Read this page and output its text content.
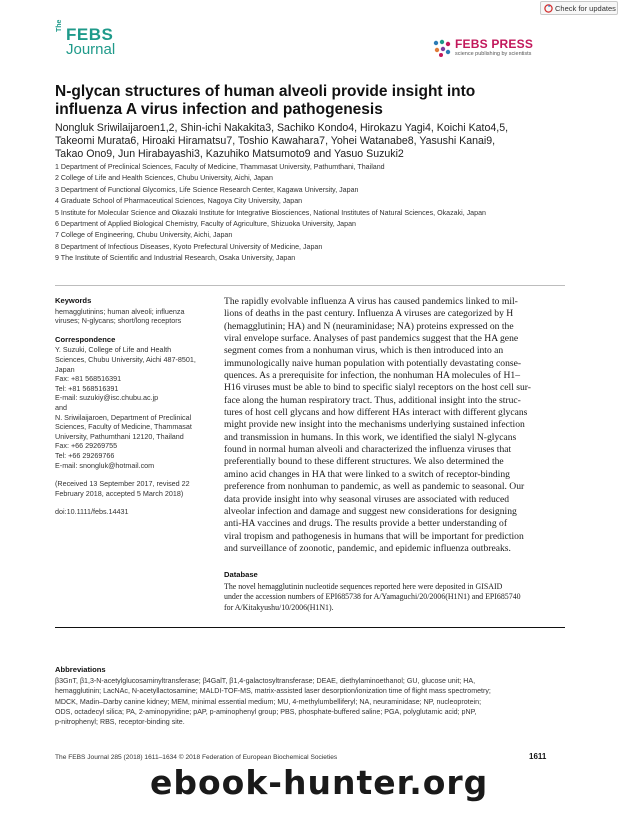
Check for updates
The FEBS
Journal	FEBS PRESS
science publishing by scientists
N-glycan structures of human alveoli provide insight into
influenza A virus infection and pathogenesis
Nongluk Sriwilaijaroen1,2, Shin-ichi Nakakita3, Sachiko Kondo4, Hirokazu Yagi4, Koichi Kato4,5,
Takeomi Murata6, Hiroaki Hiramatsu7, Toshio Kawahara7, Yohei Watanabe8, Yasushi Kanai9,
Takao Ono9, Jun Hirabayashi3, Kazuhiko Matsumoto9 and Yasuo Suzuki2
1 Department of Preclinical Sciences, Faculty of Medicine, Thammasat University, Pathumthani, Thailand
2 College of Life and Health Sciences, Chubu University, Aichi, Japan
3 Department of Functional Glycomics, Life Science Research Center, Kagawa University, Japan
4 Graduate School of Pharmaceutical Sciences, Nagoya City University, Japan
5 Institute for Molecular Science and Okazaki Institute for Integrative Biosciences, National Institutes of Natural Sciences, Okazaki, Japan
6 Department of Applied Biological Chemistry, Faculty of Agriculture, Shizuoka University, Japan
7 College of Engineering, Chubu University, Aichi, Japan
8 Department of Infectious Diseases, Kyoto Prefectural University of Medicine, Japan
9 The Institute of Scientific and Industrial Research, Osaka University, Japan
Keywords
hemagglutinins; human alveoli; influenza
viruses; N-glycans; short/long receptors
Correspondence
Y. Suzuki, College of Life and Health
Sciences, Chubu University, Aichi 487-8501,
Japan
Fax: +81 568516391
Tel: +81 568516391
E-mail: suzukiy@isc.chubu.ac.jp
and
N. Sriwilaijaroen, Department of Preclinical
Sciences, Faculty of Medicine, Thammasat
University, Pathumthani 12120, Thailand
Fax: +66 29269755
Tel: +66 29269766
E-mail: snongluk@hotmail.com
(Received 13 September 2017, revised 22
February 2018, accepted 5 March 2018)
doi:10.1111/febs.14431
The rapidly evolvable influenza A virus has caused pandemics linked to mil-
lions of deaths in the past century. Influenza A viruses are categorized by H
(hemagglutinin; HA) and N (neuraminidase; NA) proteins expressed on the
viral envelope surface. Analyses of past pandemics suggest that the HA gene
segment comes from a nonhuman virus, which is then introduced into an
immunologically naive human population with potentially devastating conse-
quences. As a prerequisite for infection, the nonhuman HA molecules of H1–
H16 viruses must be able to bind to specific sialyl receptors on the host cell sur-
face along the human respiratory tract. Thus, additional insight into the struc-
tures of host cell glycans and how different HAs interact with different glycans
might provide new insight into the mechanisms underlying sustained infection
and transmission in humans. In this work, we identified the sialyl N-glycans
found in normal human alveoli and characterized the influenza viruses that
preferentially bound to these different structures. We also determined the
amino acid changes in HA that were linked to a switch of receptor-binding
preference from nonhuman to pandemic, as well as pandemic to seasonal. Our
data provide insight into why seasonal viruses are associated with reduced
alveolar infection and damage and suggest new considerations for designing
anti-HA vaccines and drugs. The results provide a better understanding of
viral tropism and pathogenesis in humans that will be important for prediction
and surveillance of zoonotic, pandemic, and epidemic influenza outbreaks.
Database
The novel hemagglutinin nucleotide sequences reported here were deposited in GISAID
under the accession numbers of EPI685738 for A/Yamaguchi/20/2006(H1N1) and EPI685740
for A/Kitakyushu/10/2006(H1N1).
Abbreviations
β3GnT, β1,3-N-acetylglucosaminyltransferase; β4GalT, β1,4-galactosyltransferase; DEAE, diethylaminoethanol; GU, glucose unit; HA,
hemagglutinin; LacNAc, N-acetyllactosamine; MALDI-TOF-MS, matrix-assisted laser desorption/ionization time of flight mass spectrometry;
MDCK, Madin–Darby canine kidney; MEM, minimal essential medium; MU, 4-methylumbelliferyl; NA, neuraminidase; NP, nucleoprotein;
ODS, octadecyl silica; PA, 2-aminopyridine; pAP, p-aminophenyl group; PBS, phosphate-buffered saline; PGA, polyglutamic acid; pNP,
p-nitrophenyl; RBS, receptor-binding site.
The FEBS Journal 285 (2018) 1611–1634 © 2018 Federation of European Biochemical Societies	1611
ebook-hunter.org
